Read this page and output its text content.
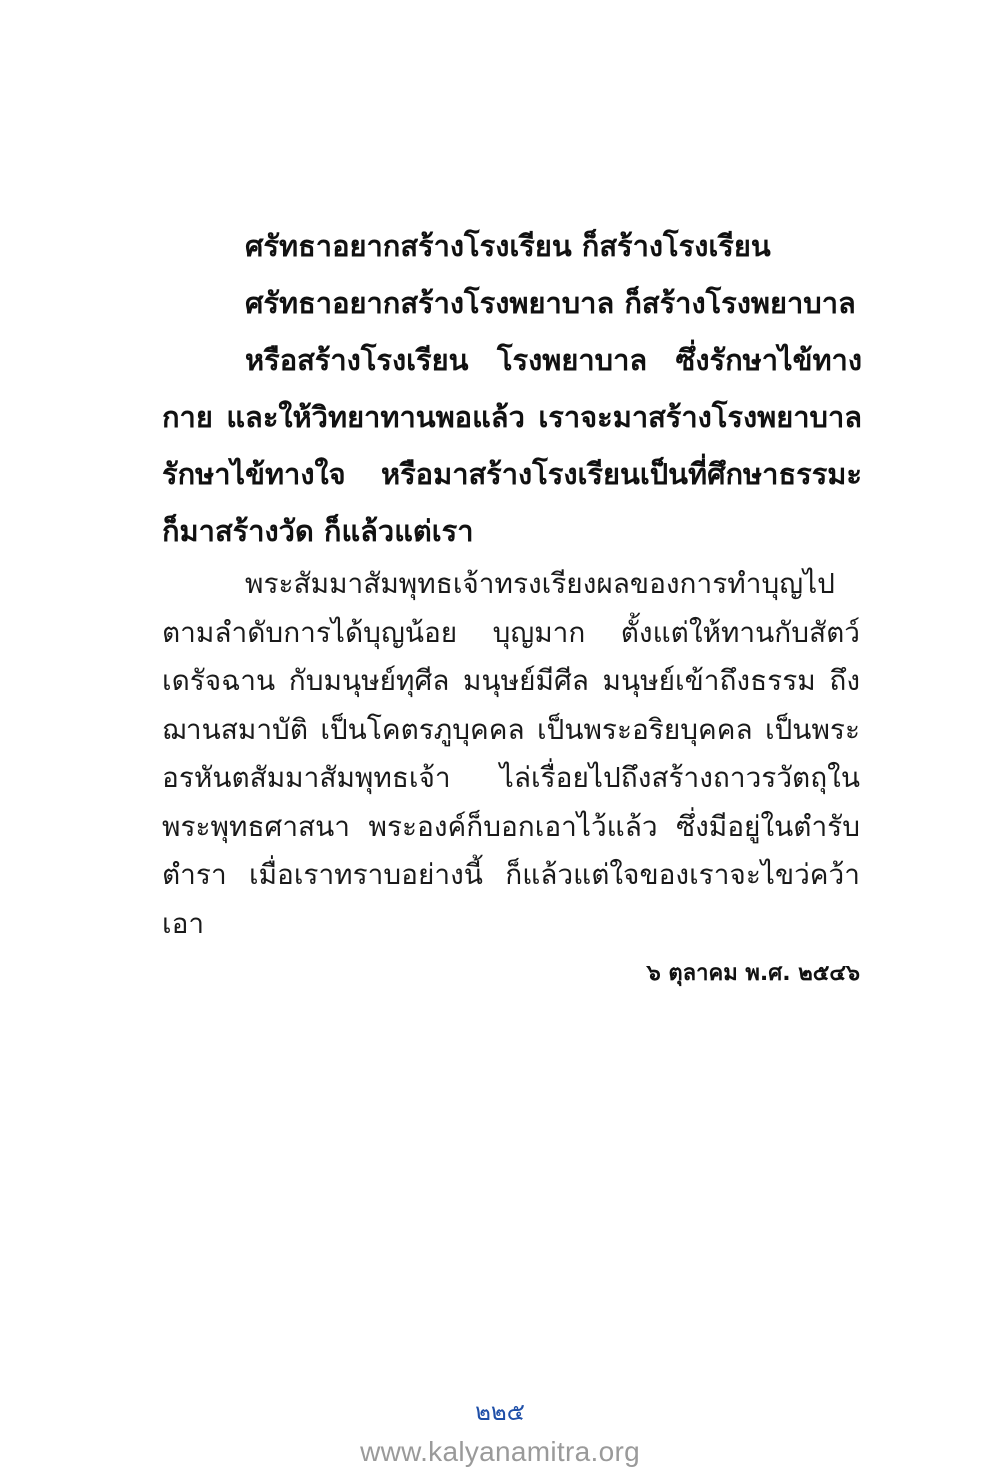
ศรัทธาอยากสร้างโรงเรียน ก็สร้างโรงเรียน
ศรัทธาอยากสร้างโรงพยาบาล ก็สร้างโรงพยาบาล

หรือสร้างโรงเรียน โรงพยาบาล ซึ่งรักษาไข้ทางกาย และให้วิทยาทานพอแล้ว เราจะมาสร้างโรงพยาบาลรักษาไข้ทางใจ หรือมาสร้างโรงเรียนเป็นที่ศึกษาธรรมะ ก็มาสร้างวัด ก็แล้วแต่เรา

พระสัมมาสัมพุทธเจ้าทรงเรียงผลของการทำบุญไปตามลำดับการได้บุญน้อย บุญมาก ตั้งแต่ให้ทานกับสัตว์เดรัจฉาน กับมนุษย์ทุศีล มนุษย์มีศีล มนุษย์เข้าถึงธรรม ถึงฌานสมาบัติ เป็นโคตรภูบุคคล เป็นพระอริยบุคคล เป็นพระอรหันตสัมมาสัมพุทธเจ้า ไล่เรื่อยไปถึงสร้างถาวรวัตถุในพระพุทธศาสนา พระองค์ก็บอกเอาไว้แล้ว ซึ่งมีอยู่ในตำรับตำรา เมื่อเราทราบอย่างนี้ ก็แล้วแต่ใจของเราจะไขว่คว้าเอา

๖ ตุลาคม พ.ศ. ๒๕๔๖
๒๒๕
www.kalyanamitra.org
